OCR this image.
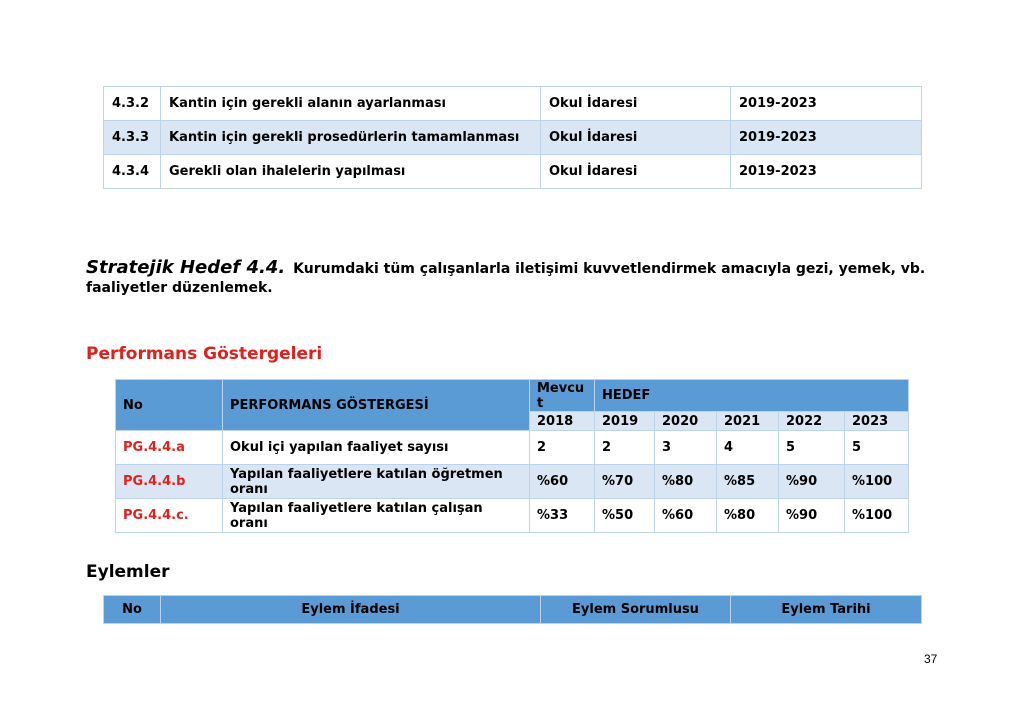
4.3.2	Kantin için gerekli alanın ayarlanması	Okul İdaresi	2019-2023
4.3.3	Kantin için gerekli prosedürlerin tamamlanması	Okul İdaresi	2019-2023
4.3.4	Gerekli olan ihalelerin yapılması	Okul İdaresi	2019-2023
Stratejik Hedef 4.4. Kurumdaki tüm çalışanlarla iletişimi kuvvetlendirmek amacıyla gezi, yemek, vb. faaliyetler düzenlemek.
Performans Göstergeleri
No	PERFORMANS GÖSTERGESİ	Mevcut	HEDEF				
		2018	2019	2020	2021	2022	2023
PG.4.4.a	Okul içi yapılan faaliyet sayısı	2	2	3	4	5	5
PG.4.4.b	Yapılan faaliyetlere katılan öğretmen oranı	%60	%70	%80	%85	%90	%100
PG.4.4.c.	Yapılan faaliyetlere katılan çalışan oranı	%33	%50	%60	%80	%90	%100
Eylemler
No	Eylem İfadesi	Eylem Sorumlusu	Eylem Tarihi
37
